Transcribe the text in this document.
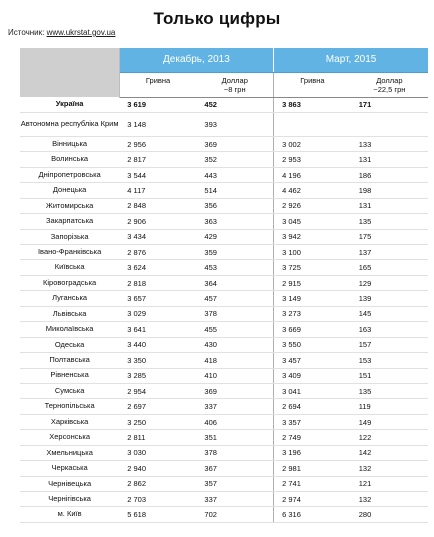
Только цифры
Источник: www.ukrstat.gov.ua
	Декабрь, 2013		Март, 2015	
	Гривна	Доллар
~8 грн	Гривна	Доллар
~22,5 грн
Україна	3 619	452	3 863	171
Автономна республіка Крим	3 148	393		
Вінницька	2 956	369	3 002	133
Волинська	2 817	352	2 953	131
Дніпропетровська	3 544	443	4 196	186
Донецька	4 117	514	4 462	198
Житомирська	2 848	356	2 926	131
Закарпатська	2 906	363	3 045	135
Запорізька	3 434	429	3 942	175
Івано-Франківська	2 876	359	3 100	137
Київська	3 624	453	3 725	165
Кіровоградська	2 818	364	2 915	129
Луганська	3 657	457	3 149	139
Львівська	3 029	378	3 273	145
Миколаївська	3 641	455	3 669	163
Одеська	3 440	430	3 550	157
Полтавська	3 350	418	3 457	153
Рівненська	3 285	410	3 409	151
Сумська	2 954	369	3 041	135
Тернопільська	2 697	337	2 694	119
Харківська	3 250	406	3 357	149
Херсонська	2 811	351	2 749	122
Хмельницька	3 030	378	3 196	142
Черкаська	2 940	367	2 981	132
Чернівецька	2 862	357	2 741	121
Чернігівська	2 703	337	2 974	132
м. Київ	5 618	702	6 316	280
